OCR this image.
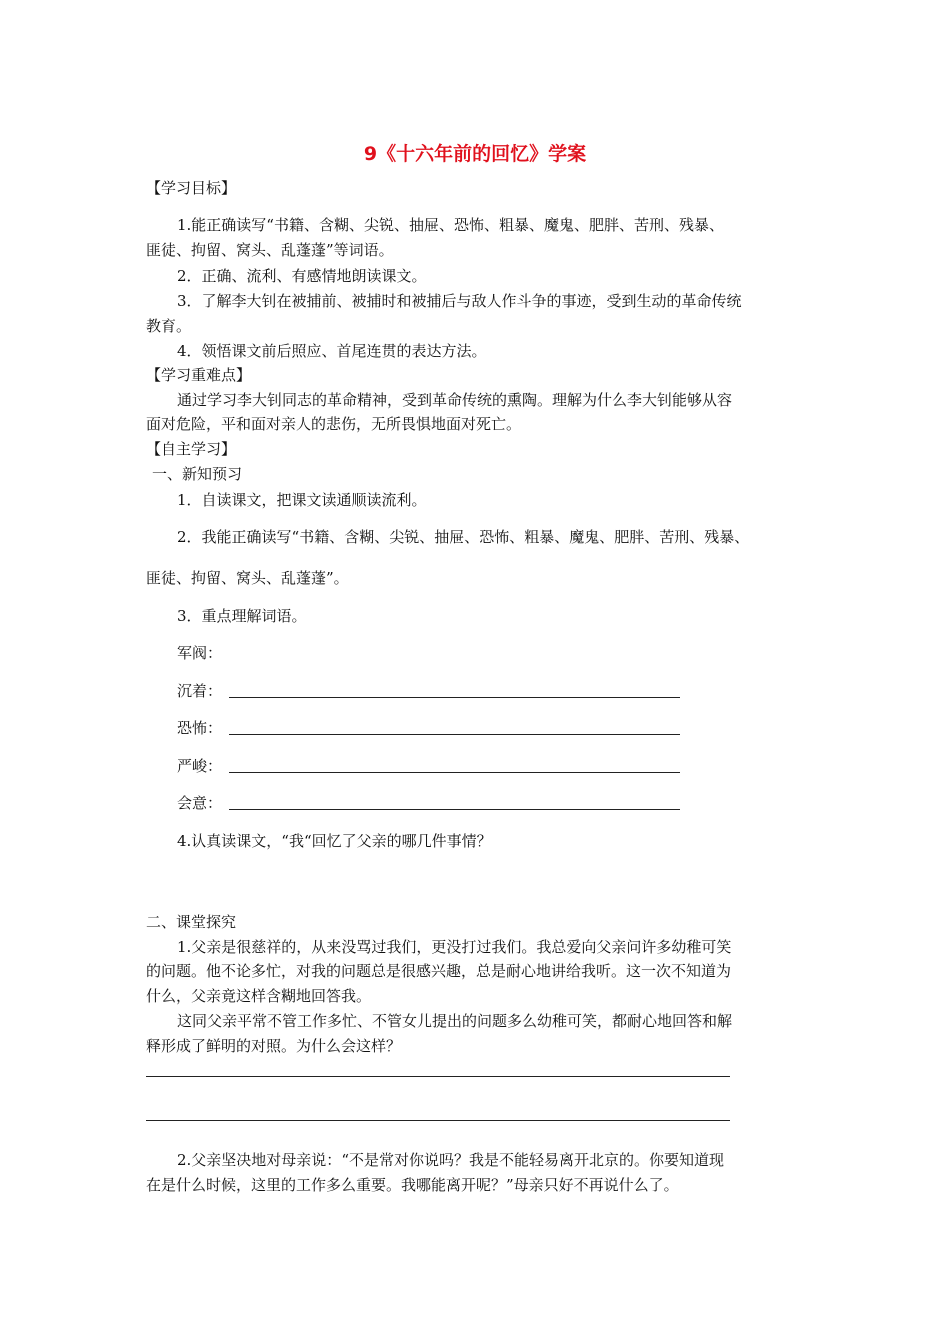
9《十六年前的回忆》学案
【学习目标】
1.能正确读写“书籍、含糊、尖锐、抽屉、恐怖、粗暴、魔鬼、肥胖、苦刑、残暴、
匪徒、拘留、窝头、乱蓬蓬”等词语。
2．正确、流利、有感情地朗读课文。
3．了解李大钊在被捕前、被捕时和被捕后与敌人作斗争的事迹，受到生动的革命传统
教育。
4．领悟课文前后照应、首尾连贯的表达方法。
【学习重难点】
通过学习李大钊同志的革命精神，受到革命传统的熏陶。理解为什么李大钊能够从容
面对危险，平和面对亲人的悲伤，无所畏惧地面对死亡。
【自主学习】
一、新知预习
1．自读课文，把课文读通顺读流利。
2．我能正确读写“书籍、含糊、尖锐、抽屉、恐怖、粗暴、魔鬼、肥胖、苦刑、残暴、
匪徒、拘留、窝头、乱蓬蓬”。
3．重点理解词语。
军阀：
沉着：
恐怖：
严峻：
会意：
4.认真读课文，“我“回忆了父亲的哪几件事情？
二、课堂探究
1.父亲是很慈祥的，从来没骂过我们，更没打过我们。我总爱向父亲问许多幼稚可笑
的问题。他不论多忙，对我的问题总是很感兴趣，总是耐心地讲给我听。这一次不知道为
什么，父亲竟这样含糊地回答我。
这同父亲平常不管工作多忙、不管女儿提出的问题多么幼稚可笑，都耐心地回答和解
释形成了鲜明的对照。为什么会这样？
2.父亲坚决地对母亲说：“不是常对你说吗？我是不能轻易离开北京的。你要知道现
在是什么时候，这里的工作多么重要。我哪能离开呢？”母亲只好不再说什么了。
